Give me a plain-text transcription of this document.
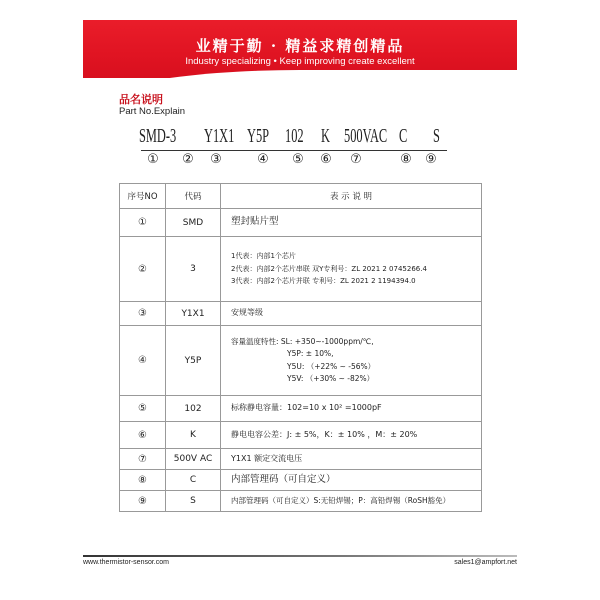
业精于勤 · 精益求精创精品
Industry specializing • Keep improving create excellent
品名说明
Part No.Explain
SMD-3 Y1X1 Y5P 102 K 500VAC C S
①	②	③	④	⑤	⑥	⑦	⑧	⑨
序号NO	代码	表 示 说 明
①	SMD	塑封贴片型

②	3	1代表：内部1个芯片
2代表：内部2个芯片串联 双Y专利号：ZL 2021 2 0745266.4
3代表：内部2个芯片并联 专利号：ZL 2021 2 1194394.0

③	Y1X1	安规等级

④	Y5P	容量温度特性: SL: +350~-1000ppm/℃,
Y5P: ± 10%,
Y5U: （+22% ~ -56%）
Y5V: （+30% ~ -82%）

⑤	102	标称静电容量：102=10 x 10² =1000pF

⑥	K	静电电容公差：J: ± 5%，K：± 10% ，M：± 20%

⑦	500V AC	Y1X1 额定交流电压

⑧	C	内部管理码（可自定义）

⑨	S	内部管理码（可自定义）S:无铅焊锡；P：高铅焊锡（RoSH豁免）
www.thermistor-sensor.com	sales1@ampfort.net
